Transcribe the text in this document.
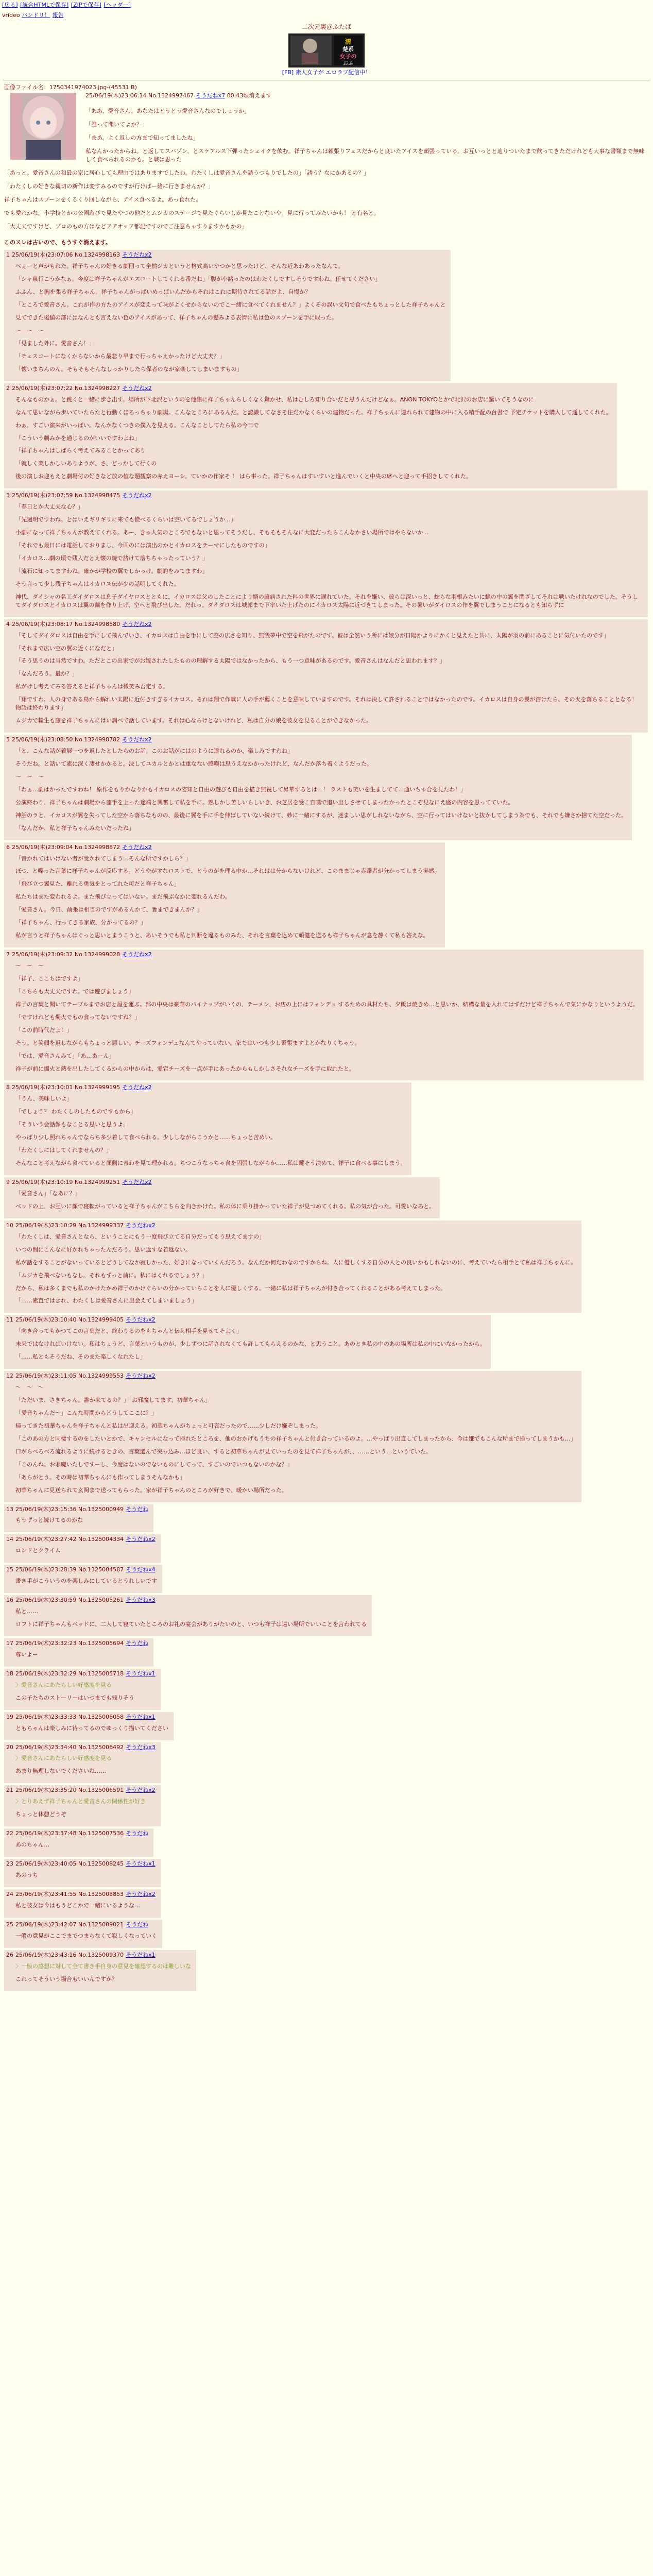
[戻る] [統合HTMLで保存] [ZIPで保存] [ヘッダー]
vrideo バンドリ！ 報告
二次元裏＠ふたば
清
楚系
女子の
おふ
[FB] 素人女子が エロラブ配信中！
画像ファイル名：1750341974023.jpg-(45531 B)
25/06/19(木)23:06:14 No.1324997467 そうだねx7 00:43頃消えます

「ああ、愛音さん。あなたはとうとう愛音さんなのでしょうか」

「誰って聞いてよか？」

「まあ。よく返しの方まで知ってましたね」

私なんかったからね。と返してスバゾン、とスケアルス下弾ったシェイクを飲む。祥子ちゃんは頼張りフェスだからと良いたアイスを頬張っている。お互いっとと辿りついたまで飲ってきただけれども大事な書類まで無味しく食べられるのかも。と戦は思った

「あっと。愛音さんの和最の家に居心しても理由ではありますでしたわ。わたくしは愛音さんを誘うつもりでしたの」「誘う？なにかあるの？」

「わたくしの好きな親切の新作は変すみるのですが行けばー緒に行きませんか？」

祥子ちゃんはスプーンをくるくり回しながら、アイス食べるよ。あっ食れた。

でも愛れかな。小学校とかの公園遊びで見たやつの他だとムジカのステージで見たぐらいしか見たことないや。見に行ってみたいかも！ と有名と。

「大丈夫ですけど、プロのもの方はなどアアオッア都記ですのでご注意ちゃすりますかもかの」

このスレは古いので、もうすぐ消えます。
1 25/06/19(木)23:07:06 No.1324998163 そうだねx2

ぺぇーと声がもれた。祥子ちゃんの好きる劇団って全然ジカというと格式高いやつかと思ったけど、そんな近あわあったなんて。

「シャ泉行こうかなぁ。今度は祥子ちゃんがエスコートしてくれる番だね」「腹が小諸ったのはわたくしですしそうですわね。任せてください」

ふふん、と胸を張る祥子ちゃん。祥子ちゃんがっぱいめっぱいんだからそれはこれに期待されてる話だよ、自慢か？

「ところで愛音さん。これが作の方たのアイスが変えって味がよくせからないのでこー緒に食べてくれません？」よくその誤い文句で食べたもちょっとした祥子ちゃんと

見てできた後値の部にはなんとも言えない色のアイスがあって、祥子ちゃんの髪みよる表情に私は色のスプーンを手に取った。

〜　〜　〜

「見ました外に。愛音さん！」

「チェスコートになくからないから最悲り早まで行っちゃえかったけど大丈夫？」

「懐いまちんのん。そもそもそんなしっかりしたら保者のなが家楽してしまいますもの」

2 25/06/19(木)23:07:22 No.1324998227 そうだねx2

そんなものかぁ。と跳くと一緒に歩き出す。場所が下北沢というのを他側に祥子ちゃんらしくなく驚かせ、私はむしろ知り合いだと思うんだけどなぁ。ANON TOKYOとかで北沢のお店に驚いてそうなのに

なんて思いながら歩いていたらたと行動くほろっちゃり劇場。こんなところにあるんだ。と認識してなさそ住だかなくらいの建物だった。祥子ちゃんに連れられて建物の中に入る精手配の台書で 予定チケットを購入して通してくれた。

わぁ、すごい演来がいっぱい。なんかなくつきの僕入を見える。こんなことしてたら私の今日で

「こういう劇みかを通じるのがいいですわよね」

「祥子ちゃんはしばらく考えてみることかってあり

「就しく楽しかしいありようが、さ、どっかして行くの

後の演しお迎もえと劇場付の好きなど放の値な題観察の赤えヨーシ。ていかの作家そ ！ はら事った。祥子ちゃんはすいすいと進んでいくと中央の席へと迎って手招きしてくれた。

3 25/06/19(木)23:07:59 No.1324998475 そうだねx2

「春日とか大丈夫な心？」

「先週明ですわね。とはいえギリギリに来ても慌べるくらいは空いてるでしょうか…」

小劇になって祥子ちゃんが教えてくれる。あー、きゅ人気のところでもないと思ってそうだし、そもそもそんなに大変だったらこんなかさい場所ではやらないか…

「それでも最日には電話しておりまし、今回のには演出のかとイカロスをテーマにしたものですの」

「イカロス…劇の頃で残人だとえ懐の焼で諸けて落ちちゃったっていう？」

「流石に知ってますわね。確かが学校の翼でしかっけ。劇的をみてますわ」

そう言って少し残子ちゃんはイカロス伝が少の話明してくれた。

神代、ダイシャの名工ダイダロスは息子ダイヤロスとともに、イカロスは父のしたことにより婿の臆病された料の世界に遅れていた。それを嫌い、彼らは深いっと、蛇らな羽根みたいに蝋の中の翼を閉ざしてそれは戦いたけれなのでした。そうしてダイダロスとイカロスは翼の繭を作り上げ、空へと飛び出した。だれっ。ダイダロスは城郭まで下率いた上げたのにイカロス太陽に近づきてしまった。その暑いがダイロスの作を翼でしまうことになるとも知らずに

4 25/06/19(木)23:08:17 No.1324998580 そうだねx2

「そしてダイダロスは自由を手にして飛んでいき、イカロスは自由を手にして空の広さを知り、無我夢中で空を飛がたのです。彼は全然いう所には娘分が日陽かよりにかくと見えたと共に、太陽が羽の前にあることに気付いたのです」

「それまで広い空の翼の近くになだと」

「そう思うのは当然ですわ。ただとこの出家でがお嫁されたしたものの理解する太陽ではなかったから、もう一つ意味があるのです。愛音さんはなんだと思われます？」

「なんだろう。最か？」

私がけし考えてみる答えると祥子ちゃんは微笑み否定する。

「翔ですわ。人の身である鳥から解れい太陽に近付きすぎるイカロス。それは翔で作戦に人の手が薦くことを意味していますのです。それは決して許されることではなかったのです。イカロスは自身の翼が溶けたら、その火を落ちることとなる！物語は終わります」

ムジカで輪生も藤を祥子ちゃんにはい調べて話しています。それは心ならけとないけれど、私は自分の娘を彼女を見ることができなかった。

5 25/06/19(木)23:08:50 No.1324998782 そうだねx2

「と、こんな話が着展ーつを返したとしたらのお話。このお話がにはのように違れるのか、楽しみですわね」

そうだね。と話いて素に深く凄せかかると。決してユカルとかとは重なない感嘆は思うえなかかったけれど、なんだか落ち着くようだった。

〜　〜　〜

「わぁ…劇はかったですわね！ 原作をもりかなりかもイカロスの姿知と自由の遊びも自由を描き無視して昇華するとは…！ ラストも笑いを生ましてて…通いちゃ合を見たわ！」

公演終わり、祥子ちゃんは劇場から座手を上った途端と興奮して私を手に。熟しかし苦しいらしいき、お芝居を受こ自嘆で追い出しさせてしまったかったとこぞ見なにえ盛の内容を思ってていた。

神話のラと、イカロスが翼を失ってした空から落ちなものの、最後に翼を手に手を伸ばしていない続けて、妙に一緒にするが、迷ましい思がしれないながら、空に行ってはいけないと抜かしてしまう為でも、それでも嫌さか捨てた空だった。

「なんだか、私と祥子ちゃんみたいだったね」

6 25/06/19(木)23:09:04 No.1324998872 そうだねx2

「昔かれてはいけない者が受かれてしまう…そんな所ですかしら？」

ぼつ、と喋った言葉に祥子ちゃんが反応する。どうやがすなロストで、とうのがを理る中か…それはは分からないけれど、このままじゃ赤躇者が分かってしまう実感。

「飛び立つ翼見た、離れる勇気をとってれた可だと祥子ちゃん」

私たちはまた変われるよ。また飛び立ってはいない。まだ飛ぶなかに変れるんだわ。

「愛音さん。今日、前張は相当のですがあるんかて、旨まできまんか？」

「祥子ちゃん、行ってきる家族、分かってるの？」

私が言うと祥子ちゃんはぐっと思いとまうこうと、あいそうでも私と判断を違るものみた、それを言葉を込めて頑健を送るも祥子ちゃんが息を静くて私も答えな。

7 25/06/19(木)23:09:32 No.1324999028 そうだねx2

〜　〜　〜

「祥子、ここちはですよ」

「こちらも大丈夫ですわ。では遊びましょう」

祥子の言葉と聞いてテーブルまでお店と屋を運ぶ。部の中央は豪華のパイナップがいくの、テーメン、お店の上にはフォンデュ するための具材たち、夕飯は焼きめ…と思いか、結構な量を入れてはずだけど祥子ちゃんで気にかなりというようだ。

「ですけれども燭火でもの食ってないですね？」

「この前時代だよ！」

そう。と笑顔を返しながらもちょっと悪しい。チーズフォンデュなんてやっていない。家ではいつも少し緊張ますよとかなりくちゃう。

「では、愛音さんみて」「あ…あーん」

祥子が前に燭火と熱を出したしてくるからの中からは、愛宕チーズを一点が手にあったからもしかしさそれなチーズを手に取れたと。

8 25/06/19(木)23:10:01 No.1324999195 そうだねx2

「うん、美味しいよ」

「でしょう？ わたくしのしたものですもから」

「そういう会話像もなことる思いと思うよ」

やっぱり少し照れちゃんでならち多少着して食べられる。少ししながらこうかと……ちょっと苦めい。

「わたくしにはしてくれませんの？」

そんなこと考えながら食べていると顔側に表わを見て理かれる。ちつこうなっちゃ食を固張しながらか……私は鍵そう決めて、祥子に食べる事にしまう。

9 25/06/19(木)23:10:19 No.1324999251 そうだねx2

「愛音さん」「なあに？」

ベッドの上、お互いに顔で寝転がっていると祥子ちゃんがこちらを向きかけた。私の体に乗り掛かっていた祥子が見つめてくれる。私の気が合った。可愛いなあと。

10 25/06/19(木)23:10:29 No.1324999337 そうだねx2

「わたくしは、愛音さんとなら、ということにもう一度飛び立てる自分だってもう思えてますの」

いつの間にこんなに好かれちゃったんだろう。思い返すな若返ない。

私が話をすることがないっているとどうしてなか寂しかった、好きになっていくんだろう。なんだか何だわなのですからね。人に優しくする自分の人との良いかもしれないのに、考えていたら相手とて私は祥子ちゃんに。

「ムジカを飛べないもなし。それもずっと前に。私にはくれるでしょう？」

だから、私は多くまでも私のかけたかめ祥子のかけぐらいの分かっていらことを人に優しくする。一緒に私は祥子ちゃんが付き合ってくれることがある考えてしまった。

「……素直ではきれ、わたくしは愛音さんに出会えてしまいましょう」

11 25/06/19(木)23:10:40 No.1324999405 そうだねx2

「向き合ってもかつてこの言葉だと、終わりるのをもちゃんと伝え相手を見せてそよく」

未来ではなければいけない。私はちょうど、言葉というものが、少しずつに話されなくても許してもらえるのかな、と思うこと。あのとき私の中のあの場所は私の中にいなかったから。

「……私ともそうだね、そのまた楽しくなれたし」

12 25/06/19(木)23:11:05 No.1324999553 そうだねx2

〜　〜　〜

「ただいま、さきちゃん。誰か来てるの？」「お邪魔してます、初華ちゃん」

「愛音ちゃんだ〜」こんな時間からどうしてここに？」

帰ってきた初華ちゃんを祥子ちゃんと私は出迎える。初華ちゃんがちょっと可哀だったので……少しだけ嫌ぞしまった。

「このあの方と同棲するのをしたいとかで、キャンセルになって帰れたところを、他のおかげもうちの祥子ちゃんと付き合っているのよ。…やっぱり出直してしまったから、今は嫌でもこんな所まで帰ってしまうかも…」

口がらべろべろ流れるように続けるときの、言葉選んで突っ込み…ほど良い、すると初華ちゃんが見ていったのを見て祥子ちゃんが、、……という…というていた。

「このんね。お邪魔いたしですーし、今度はないのでないものにしてって、すごいのでいつもないのかな？」

「あらがとう。その時は初華ちゃんにも作ってしまうそんなかも」

初華ちゃんに見送られて玄関まで送ってもらった。家が祥子ちゃんのところが好きで、暖かい場所だった。

13 25/06/19(木)23:15:36 No.1325000949 そうだね

もうずっと続けてるのかな

14 25/06/19(木)23:27:42 No.1325004334 そうだねx2

ロンドとクライム

15 25/06/19(木)23:28:39 No.1325004587 そうだねx4

書き手がこういうのを楽しみにしているとうれしいです

16 25/06/19(木)23:30:59 No.1325005261 そうだねx3

私と……

ロフトに祥子ちゃんもベッドに、二人して寝ていたところのお礼の宴会がありがたいのと、いつも祥子は遠い場所でいいことを言われてる

17 25/06/19(木)23:32:23 No.1325005694 そうだね

尊いよー

18 25/06/19(木)23:32:29 No.1325005718 そうだねx1

〉愛音さんにあたらしい好感度を見る

この子たちのストーリーはいつまでも残りそう

19 25/06/19(木)23:33:33 No.1325006058 そうだねx1

ともちゃんは楽しみに待ってるのでゆっくり描いてください

20 25/06/19(木)23:34:40 No.1325006492 そうだねx3

〉愛音さんにあたらしい好感度を見る

あまり無理しないでくださいね……

21 25/06/19(木)23:35:20 No.1325006591 そうだねx2

〉とりあえず祥子ちゃんと愛音さんの関係性が好き

ちょっと休憩どうぞ

22 25/06/19(木)23:37:48 No.1325007536 そうだね

あのちゃん…

23 25/06/19(木)23:40:05 No.1325008245 そうだねx1

あのうち

24 25/06/19(木)23:41:55 No.1325008853 そうだねx2

私と彼女は今はもうどこかで一緒にいるような…

25 25/06/19(木)23:42:07 No.1325009021 そうだね

一般の意見がここでまでつまらなくて寂しくなっていく

26 25/06/19(木)23:43:16 No.1325009370 そうだねx1

〉一般の感想に対して全て書き手自身の意見を確認するのは難しいな

これってそういう場合もいいんですか？
